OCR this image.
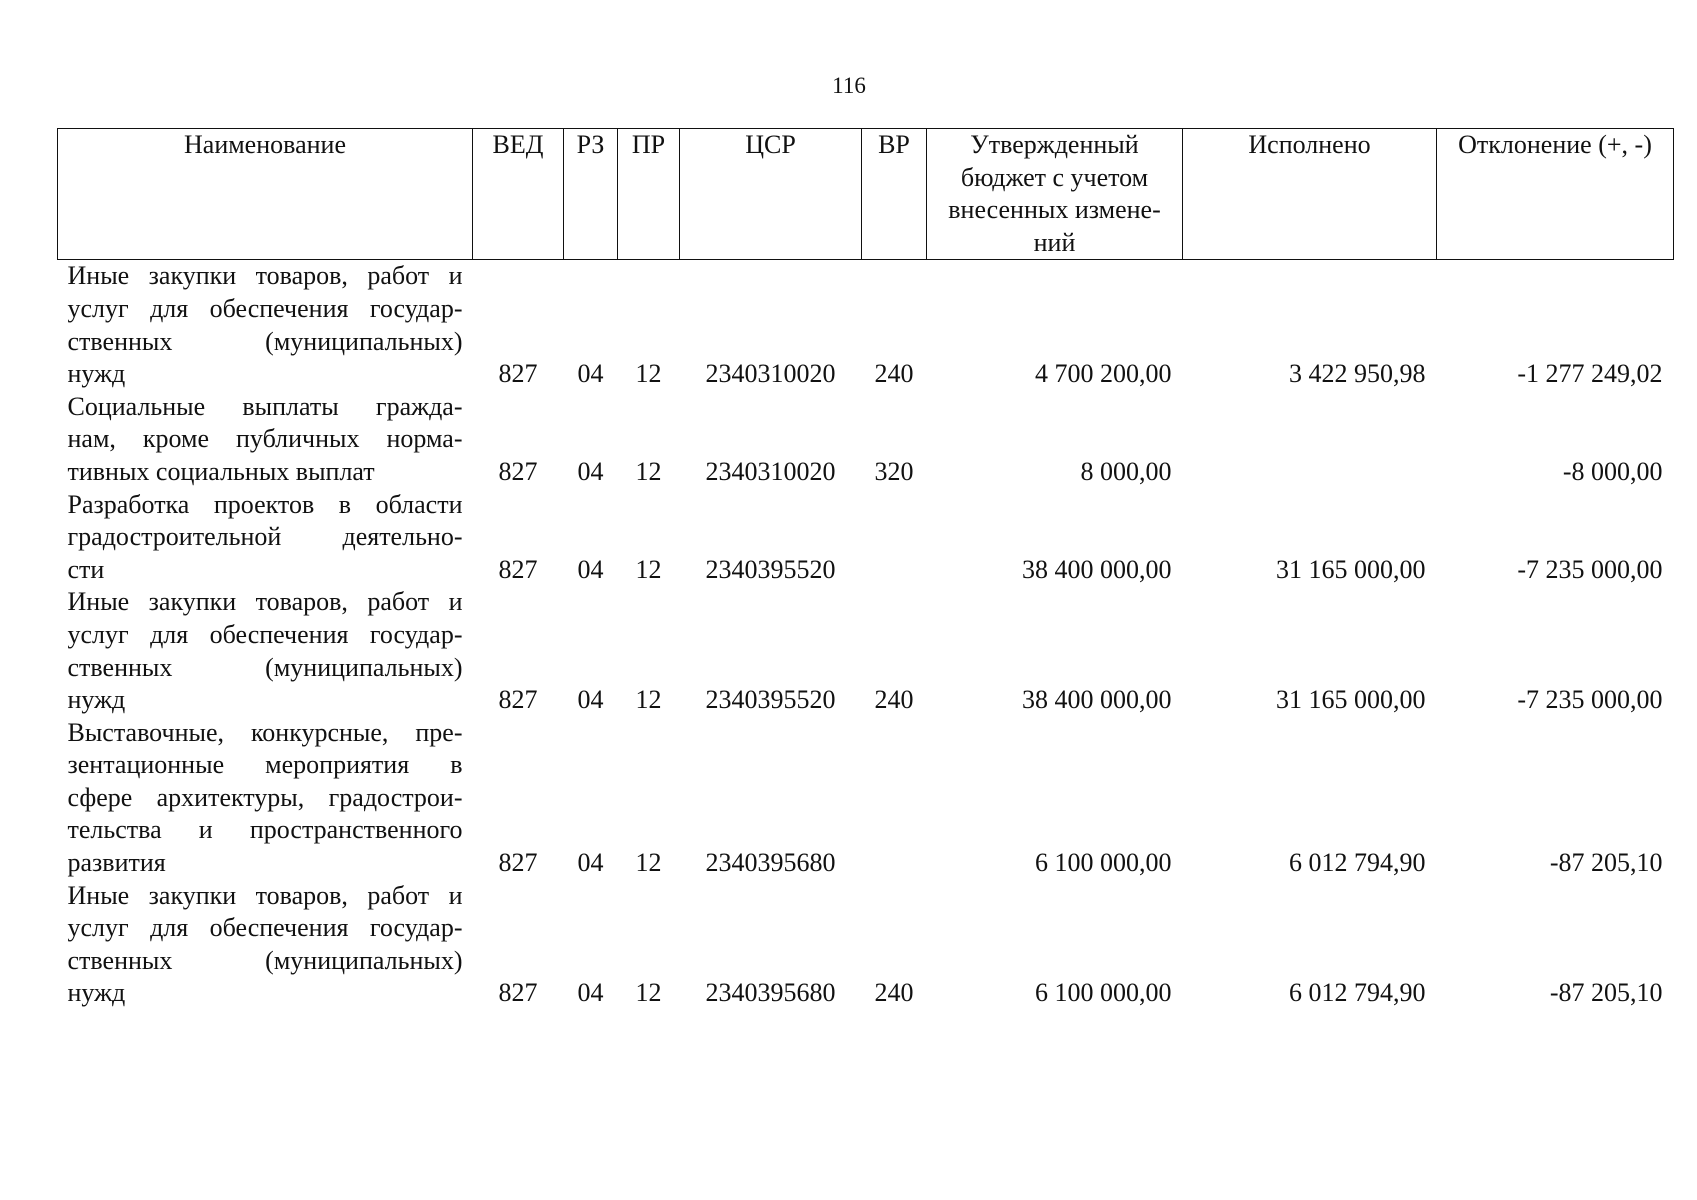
116
Наименование	ВЕД	РЗ	ПР	ЦСР	ВР	Утвержденный бюджет с учетом внесенных измене-ний	Исполнено	Отклонение (+, -)

Иные закупки товаров, работ и
услуг для обеспечения государ-
ственных (муниципальных)
нужд	827	04	12	2340310020	240	4 700 200,00	3 422 950,98	-1 277 249,02

Социальные выплаты гражда-
нам, кроме публичных норма-
тивных социальных выплат	827	04	12	2340310020	320	8 000,00		-8 000,00

Разработка проектов в области
градостроительной деятельно-
сти	827	04	12	2340395520		38 400 000,00	31 165 000,00	-7 235 000,00

Иные закупки товаров, работ и
услуг для обеспечения государ-
ственных (муниципальных)
нужд	827	04	12	2340395520	240	38 400 000,00	31 165 000,00	-7 235 000,00

Выставочные, конкурсные, пре-
зентационные мероприятия в
сфере архитектуры, градострои-
тельства и пространственного
развития	827	04	12	2340395680		6 100 000,00	6 012 794,90	-87 205,10

Иные закупки товаров, работ и
услуг для обеспечения государ-
ственных (муниципальных)
нужд	827	04	12	2340395680	240	6 100 000,00	6 012 794,90	-87 205,10
